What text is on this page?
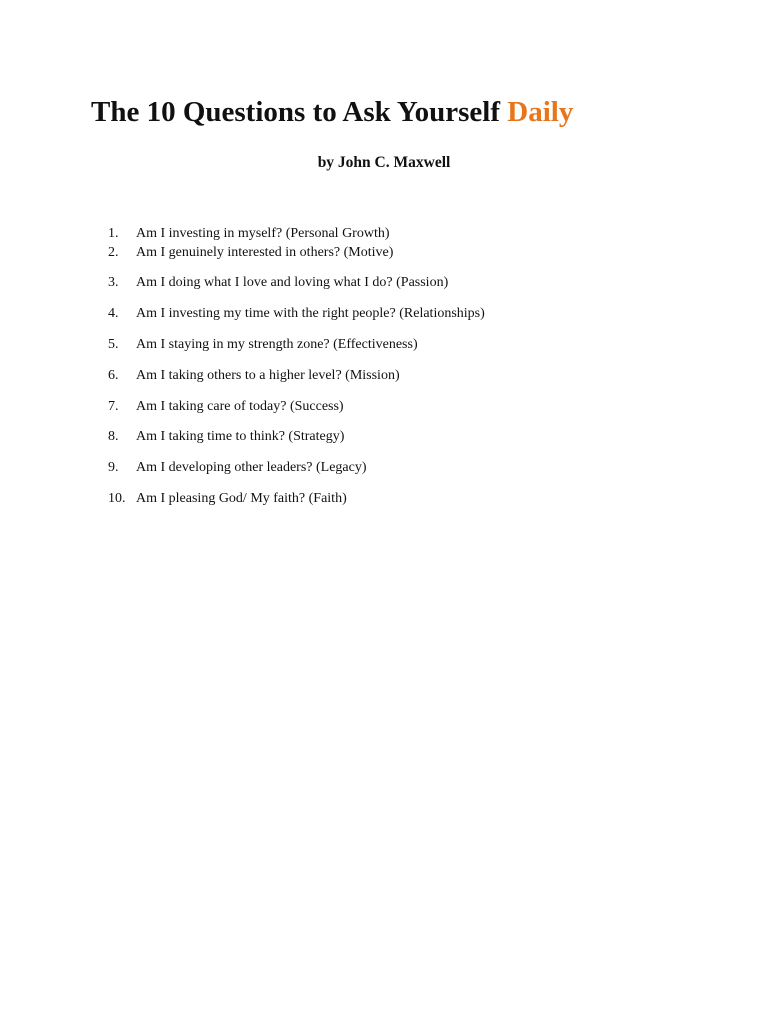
The 10 Questions to Ask Yourself Daily
by John C. Maxwell
1. Am I investing in myself? (Personal Growth)
2. Am I genuinely interested in others? (Motive)
3. Am I doing what I love and loving what I do? (Passion)
4. Am I investing my time with the right people? (Relationships)
5. Am I staying in my strength zone? (Effectiveness)
6. Am I taking others to a higher level? (Mission)
7. Am I taking care of today? (Success)
8. Am I taking time to think? (Strategy)
9. Am I developing other leaders? (Legacy)
10. Am I pleasing God/ My faith? (Faith)
